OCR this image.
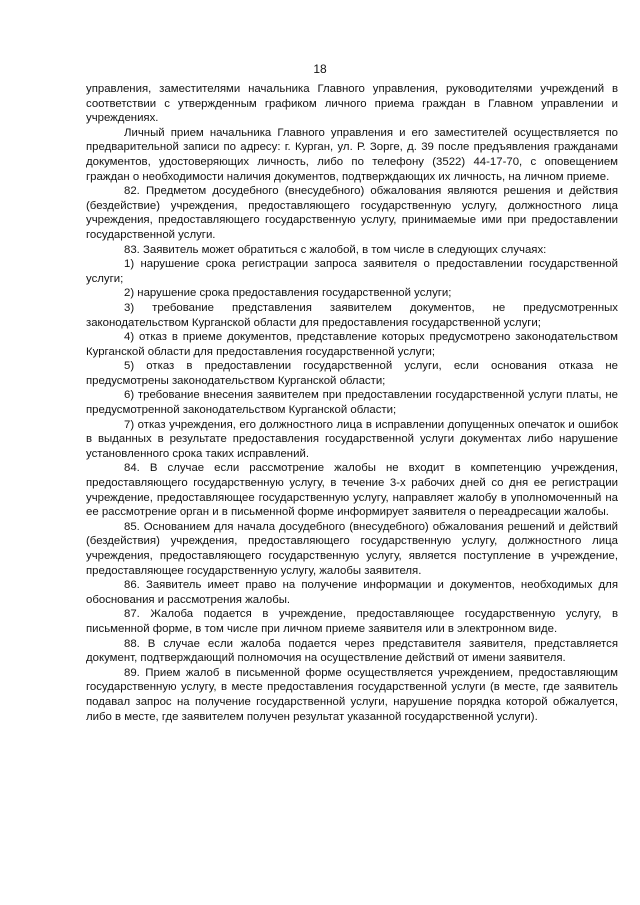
18

управления, заместителями начальника Главного управления, руководителями учреждений в соответствии с утвержденным графиком личного приема граждан в Главном управлении и учреждениях.

Личный прием начальника Главного управления и его заместителей осуществляется по предварительной записи по адресу: г. Курган, ул. Р. Зорге, д. 39 после предъявления гражданами документов, удостоверяющих личность, либо по телефону (3522) 44-17-70, с оповещением граждан о необходимости наличия документов, подтверждающих их личность, на личном приеме.

82. Предметом досудебного (внесудебного) обжалования являются решения и действия (бездействие) учреждения, предоставляющего государственную услугу, должностного лица учреждения, предоставляющего государственную услугу, принимаемые ими при предоставлении государственной услуги.

83. Заявитель может обратиться с жалобой, в том числе в следующих случаях:

1) нарушение срока регистрации запроса заявителя о предоставлении государственной услуги;

2) нарушение срока предоставления государственной услуги;

3) требование представления заявителем документов, не предусмотренных законодательством Курганской области для предоставления государственной услуги;

4) отказ в приеме документов, представление которых предусмотрено законодательством Курганской области для предоставления государственной услуги;

5) отказ в предоставлении государственной услуги, если основания отказа не предусмотрены законодательством Курганской области;

6) требование внесения заявителем при предоставлении государственной услуги платы, не предусмотренной законодательством Курганской области;

7) отказ учреждения, его должностного лица в исправлении допущенных опечаток и ошибок в выданных в результате предоставления государственной услуги документах либо нарушение установленного срока таких исправлений.

84. В случае если рассмотрение жалобы не входит в компетенцию учреждения, предоставляющего государственную услугу, в течение 3-х рабочих дней со дня ее регистрации учреждение, предоставляющее государственную услугу, направляет жалобу в уполномоченный на ее рассмотрение орган и в письменной форме информирует заявителя о переадресации жалобы.

85. Основанием для начала досудебного (внесудебного) обжалования решений и действий (бездействия) учреждения, предоставляющего государственную услугу, должностного лица учреждения, предоставляющего государственную услугу, является поступление в учреждение, предоставляющее государственную услугу, жалобы заявителя.

86. Заявитель имеет право на получение информации и документов, необходимых для обоснования и рассмотрения жалобы.

87. Жалоба подается в учреждение, предоставляющее государственную услугу, в письменной форме, в том числе при личном приеме заявителя или в электронном виде.

88. В случае если жалоба подается через представителя заявителя, представляется документ, подтверждающий полномочия на осуществление действий от имени заявителя.

89. Прием жалоб в письменной форме осуществляется учреждением, предоставляющим государственную услугу, в месте предоставления государственной услуги (в месте, где заявитель подавал запрос на получение государственной услуги, нарушение порядка которой обжалуется, либо в месте, где заявителем получен результат указанной государственной услуги).
